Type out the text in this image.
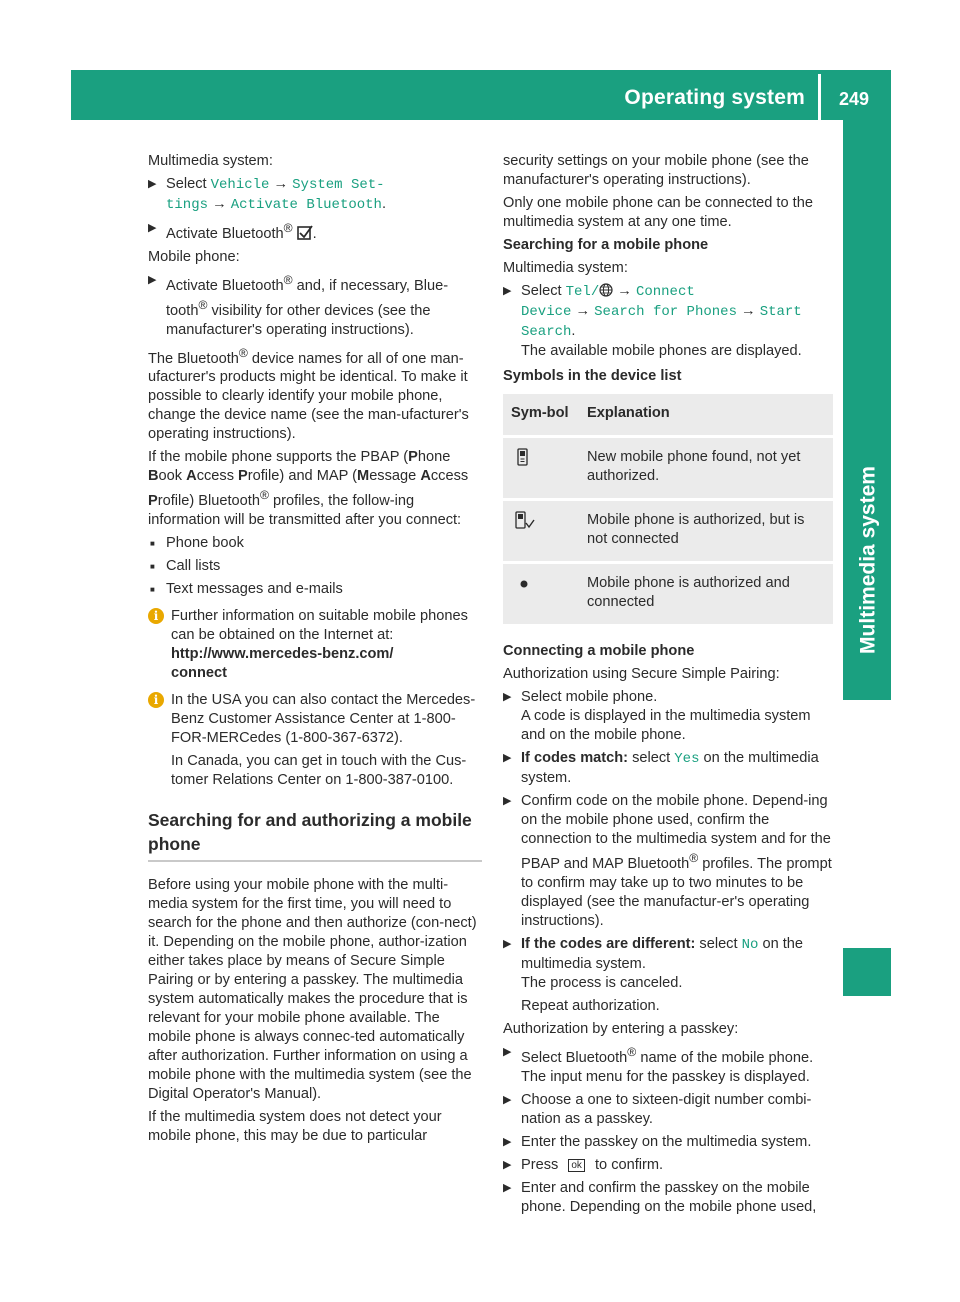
Operating system 249
Multimedia system

Multimedia system:

▶ Select Vehicle → System Set-
tings → Activate Bluetooth.
▶ Activate Bluetooth® .

Mobile phone:

▶ Activate Bluetooth® and, if necessary, Blue-
tooth® visibility for other devices (see the
manufacturer's operating instructions).

The Bluetooth® device names for all of one man- ufacturer's products might be identical. To make it possible to clearly identify your mobile phone, change the device name (see the man-ufacturer's operating instructions).

If the mobile phone supports the PBAP (Phone Book Access Profile) and MAP (Message Access Profile) Bluetooth® profiles, the follow-ing information will be transmitted after you connect:

■ Phone book
■ Call lists
■ Text messages and e-mails
i Further information on suitable mobile phones can be obtained on the Internet at:
http://www.mercedes-benz.com/
connect
i In the USA you can also contact the Mercedes-Benz Customer Assistance Center at 1-800-FOR-MERCedes (1-800-367-6372).
In Canada, you can get in touch with the Cus-tomer Relations Center on 1-800-387-0100.
Searching for and authorizing a mobile phone

Before using your mobile phone with the multi-media system for the first time, you will need to search for the phone and then authorize (con-nect) it. Depending on the mobile phone, author-ization either takes place by means of Secure Simple Pairing or by entering a passkey. The multimedia system automatically makes the procedure that is relevant for your mobile phone available. The mobile phone is always connec-ted automatically after authorization. Further information on using a mobile phone with the multimedia system (see the Digital Operator's Manual).

If the multimedia system does not detect your mobile phone, this may be due to particular

security settings on your mobile phone (see the manufacturer's operating instructions).

Only one mobile phone can be connected to the multimedia system at any one time.

Searching for a mobile phone

Multimedia system:

▶ Select Tel/ → Connect
Device → Search for Phones → Start
Search.
The available mobile phones are displayed.
Symbols in the device list
Sym-bol	Explanation
	New mobile phone found, not yet authorized.
	Mobile phone is authorized, but is not connected
	Mobile phone is authorized and connected
Connecting a mobile phone

Authorization using Secure Simple Pairing:

▶ Select mobile phone.
A code is displayed in the multimedia system and on the mobile phone.
▶ If codes match: select Yes on the multimedia system.
▶ Confirm code on the mobile phone. Depend-ing on the mobile phone used, confirm the connection to the multimedia system and for the PBAP and MAP Bluetooth® profiles. The prompt to confirm may take up to two minutes to be displayed (see the manufactur-er's operating instructions).
▶ If the codes are different: select No on the multimedia system.
The process is canceled.
Repeat authorization.

Authorization by entering a passkey:

▶ Select Bluetooth® name of the mobile phone.
The input menu for the passkey is displayed.
▶ Choose a one to sixteen-digit number combi-nation as a passkey.
▶ Enter the passkey on the multimedia system.
▶ Press ok to confirm.
▶ Enter and confirm the passkey on the mobile phone. Depending on the mobile phone used,
